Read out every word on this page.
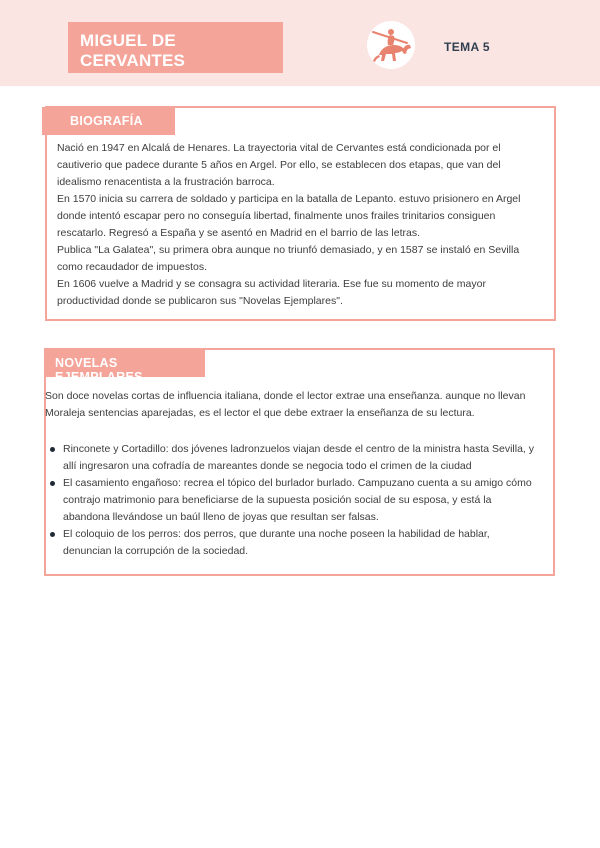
MIGUEL DE CERVANTES
TEMA 5
BIOGRAFÍA

Nació en 1947 en Alcalá de Henares. La trayectoria vital de Cervantes está condicionada por el

cautiverio que padece durante 5 años en Argel. Por ello, se establecen dos etapas, que van del

idealismo renacentista a la frustración barroca.

En 1570 inicia su carrera de soldado y participa en la batalla de Lepanto. estuvo prisionero en Argel

donde intentó escapar pero no conseguía libertad, finalmente unos frailes trinitarios consiguen

rescatarlo. Regresó a España y se asentó en Madrid en el barrio de las letras.

Publica "La Galatea", su primera obra aunque no triunfó demasiado, y en 1587 se instaló en Sevilla

como recaudador de impuestos.

En 1606 vuelve a Madrid y se consagra su actividad literaria. Ese fue su momento de mayor

productividad donde se publicaron sus "Novelas Ejemplares".

NOVELAS EJEMPLARES
Son doce novelas cortas de influencia italiana, donde el lector extrae una enseñanza. aunque no llevan
Moraleja sentencias aparejadas, es el lector el que debe extraer la enseñanza de su lectura.
Rinconete y Cortadillo: dos jóvenes ladronzuelos viajan desde el centro de la ministra hasta Sevilla, y
allí ingresaron una cofradía de mareantes donde se negocia todo el crimen de la ciudad
El casamiento engañoso: recrea el tópico del burlador burlado. Campuzano cuenta a su amigo cómo
contrajo matrimonio para beneficiarse de la supuesta posición social de su esposa, y está la
abandona llevándose un baúl lleno de joyas que resultan ser falsas.
El coloquio de los perros: dos perros, que durante una noche poseen la habilidad de hablar,
denuncian la corrupción de la sociedad.
